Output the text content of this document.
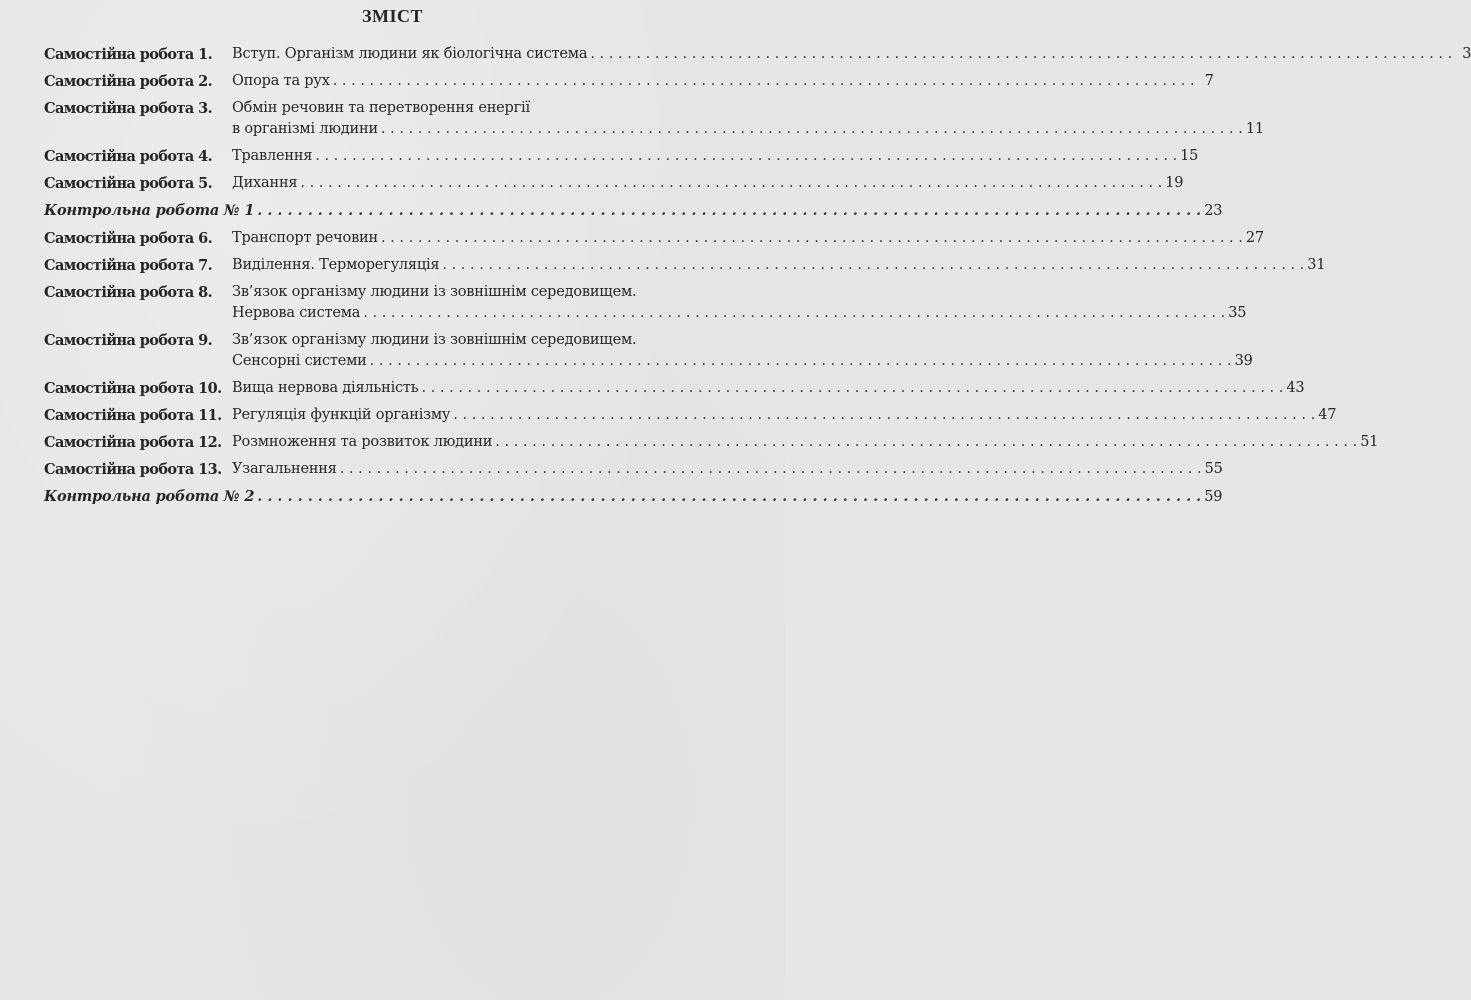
ЗМІСТ
Самостійна робота 1.	Вступ. Організм людини як біологічна система . . .	3
Самостійна робота 2.	Опора та рух . . .	7
Самостійна робота 3.	Обмін речовин та перетворення енергії
в організмі людини . . .	11
Самостійна робота 4.	Травлення . . .	15
Самостійна робота 5.	Дихання . . .	19
Контрольна робота № 1 . . .	23
Самостійна робота 6.	Транспорт речовин . . .	27
Самостійна робота 7.	Виділення. Терморегуляція . . .	31
Самостійна робота 8.	Зв’язок організму людини із зовнішнім середовищем.
Нервова система . . .	35
Самостійна робота 9.	Зв’язок організму людини із зовнішнім середовищем.
Сенсорні системи . . .	39
Самостійна робота 10. Вища нервова діяльність . . .	43
Самостійна робота 11. Регуляція функцій організму . . .	47
Самостійна робота 12. Розмноження та розвиток людини . . .	51
Самостійна робота 13. Узагальнення . . .	55
Контрольна робота № 2 . . .	59
